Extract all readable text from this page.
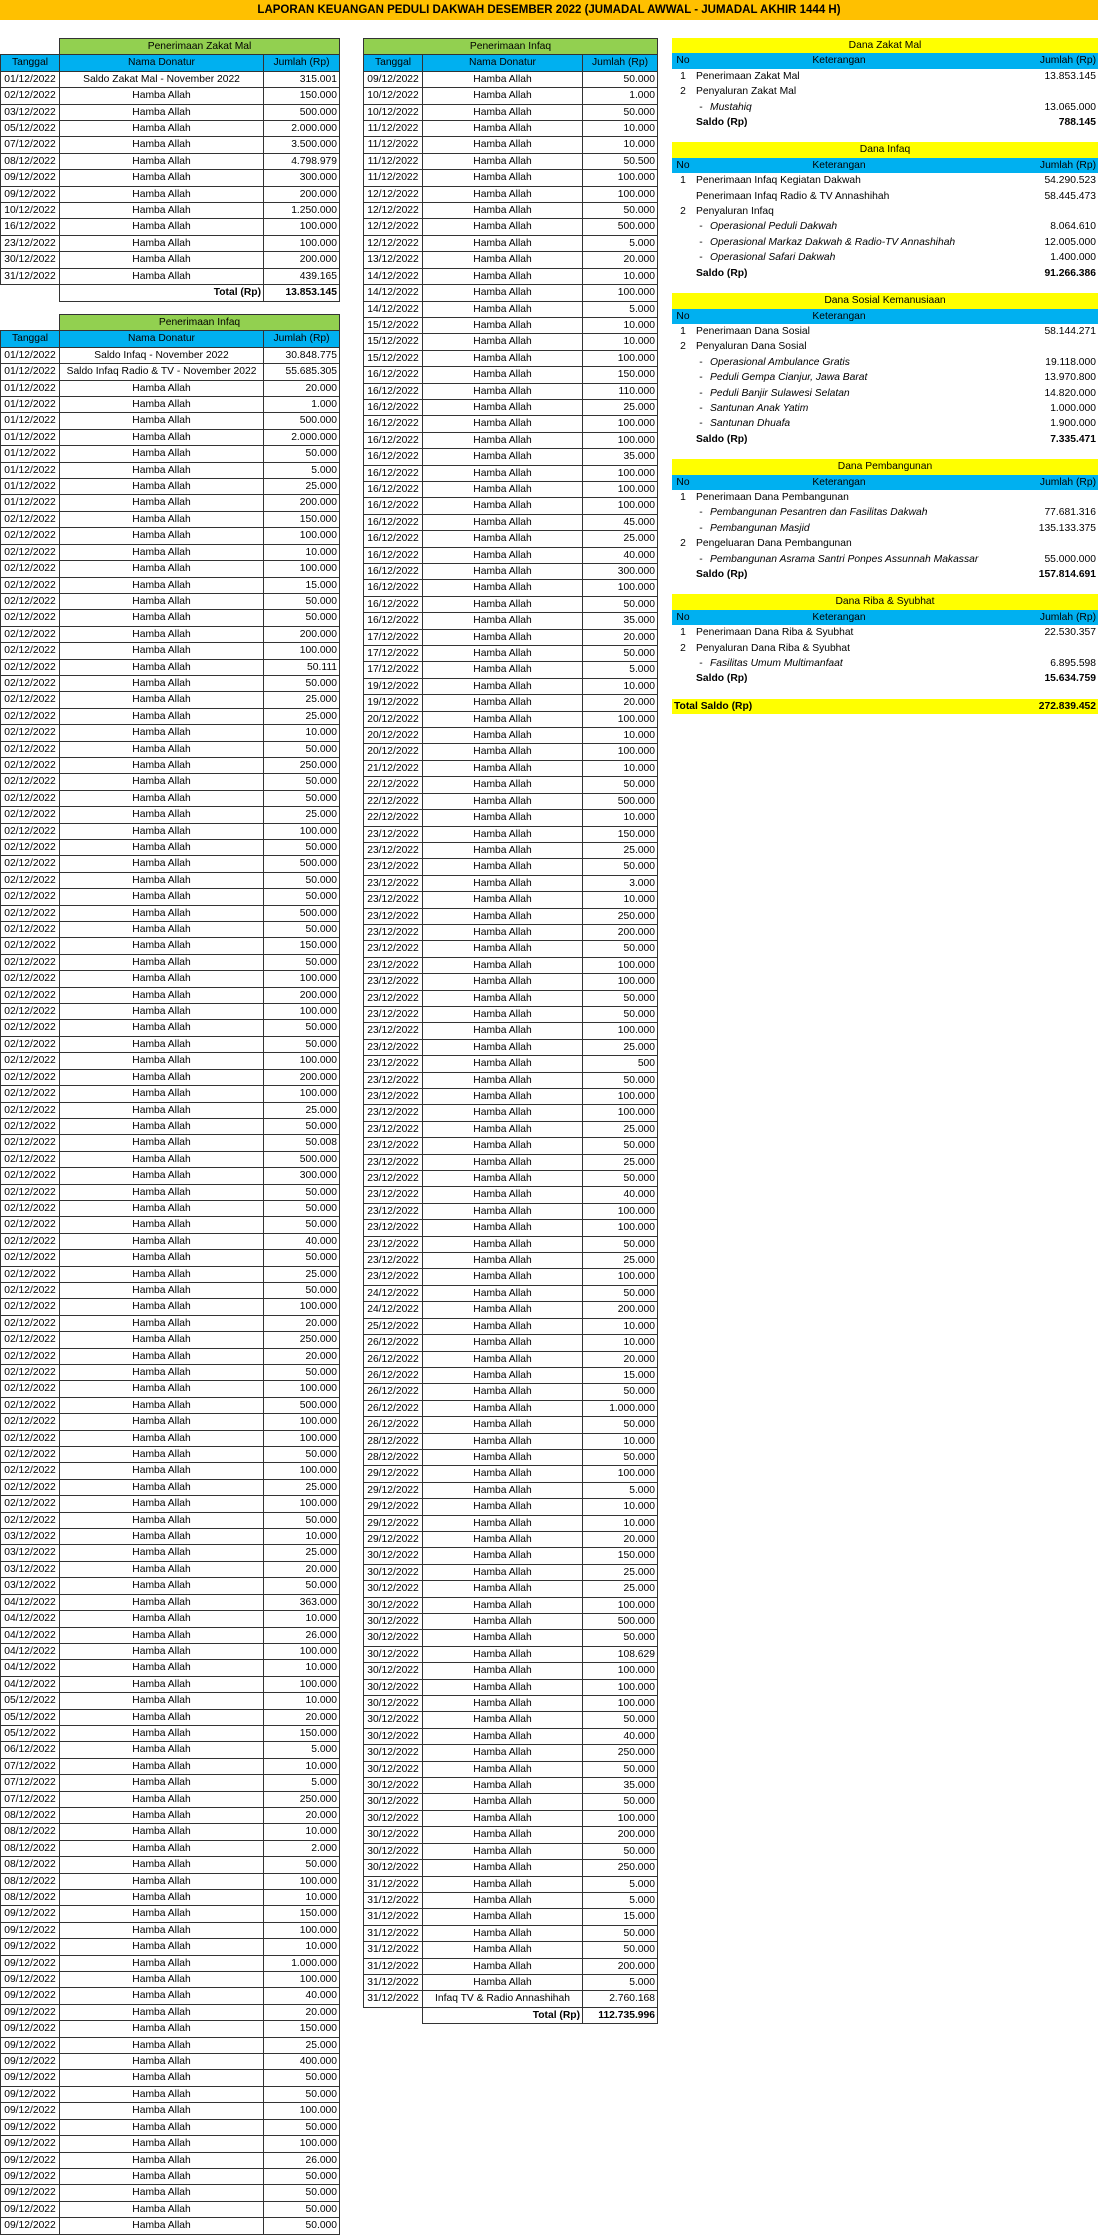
LAPORAN KEUANGAN PEDULI DAKWAH DESEMBER 2022 (JUMADAL AWWAL - JUMADAL AKHIR 1444 H)
	Penerimaan Zakat Mal	
Tanggal	Nama Donatur	Jumlah (Rp)
01/12/2022	Saldo Zakat Mal - November 2022	315.001
02/12/2022	Hamba Allah	150.000
03/12/2022	Hamba Allah	500.000
05/12/2022	Hamba Allah	2.000.000
07/12/2022	Hamba Allah	3.500.000
08/12/2022	Hamba Allah	4.798.979
09/12/2022	Hamba Allah	300.000
09/12/2022	Hamba Allah	200.000
10/12/2022	Hamba Allah	1.250.000
16/12/2022	Hamba Allah	100.000
23/12/2022	Hamba Allah	100.000
30/12/2022	Hamba Allah	200.000
31/12/2022	Hamba Allah	439.165
	Total (Rp)	13.853.145
	Penerimaan Infaq	
Tanggal	Nama Donatur	Jumlah (Rp)
01/12/2022	Saldo Infaq - November 2022	30.848.775
01/12/2022	Saldo Infaq Radio & TV - November 2022	55.685.305
01/12/2022	Hamba Allah	20.000
01/12/2022	Hamba Allah	1.000
01/12/2022	Hamba Allah	500.000
01/12/2022	Hamba Allah	2.000.000
01/12/2022	Hamba Allah	50.000
01/12/2022	Hamba Allah	5.000
01/12/2022	Hamba Allah	25.000
01/12/2022	Hamba Allah	200.000
02/12/2022	Hamba Allah	150.000
02/12/2022	Hamba Allah	100.000
02/12/2022	Hamba Allah	10.000
02/12/2022	Hamba Allah	100.000
02/12/2022	Hamba Allah	15.000
02/12/2022	Hamba Allah	50.000
02/12/2022	Hamba Allah	50.000
02/12/2022	Hamba Allah	200.000
02/12/2022	Hamba Allah	100.000
02/12/2022	Hamba Allah	50.111
02/12/2022	Hamba Allah	50.000
02/12/2022	Hamba Allah	25.000
02/12/2022	Hamba Allah	25.000
02/12/2022	Hamba Allah	10.000
02/12/2022	Hamba Allah	50.000
02/12/2022	Hamba Allah	250.000
02/12/2022	Hamba Allah	50.000
02/12/2022	Hamba Allah	50.000
02/12/2022	Hamba Allah	25.000
02/12/2022	Hamba Allah	100.000
02/12/2022	Hamba Allah	50.000
02/12/2022	Hamba Allah	500.000
02/12/2022	Hamba Allah	50.000
02/12/2022	Hamba Allah	50.000
02/12/2022	Hamba Allah	500.000
02/12/2022	Hamba Allah	50.000
02/12/2022	Hamba Allah	150.000
02/12/2022	Hamba Allah	50.000
02/12/2022	Hamba Allah	100.000
02/12/2022	Hamba Allah	200.000
02/12/2022	Hamba Allah	100.000
02/12/2022	Hamba Allah	50.000
02/12/2022	Hamba Allah	50.000
02/12/2022	Hamba Allah	100.000
02/12/2022	Hamba Allah	200.000
02/12/2022	Hamba Allah	100.000
02/12/2022	Hamba Allah	25.000
02/12/2022	Hamba Allah	50.000
02/12/2022	Hamba Allah	50.008
02/12/2022	Hamba Allah	500.000
02/12/2022	Hamba Allah	300.000
02/12/2022	Hamba Allah	50.000
02/12/2022	Hamba Allah	50.000
02/12/2022	Hamba Allah	50.000
02/12/2022	Hamba Allah	40.000
02/12/2022	Hamba Allah	50.000
02/12/2022	Hamba Allah	25.000
02/12/2022	Hamba Allah	50.000
02/12/2022	Hamba Allah	100.000
02/12/2022	Hamba Allah	20.000
02/12/2022	Hamba Allah	250.000
02/12/2022	Hamba Allah	20.000
02/12/2022	Hamba Allah	50.000
02/12/2022	Hamba Allah	100.000
02/12/2022	Hamba Allah	500.000
02/12/2022	Hamba Allah	100.000
02/12/2022	Hamba Allah	100.000
02/12/2022	Hamba Allah	50.000
02/12/2022	Hamba Allah	100.000
02/12/2022	Hamba Allah	25.000
02/12/2022	Hamba Allah	100.000
02/12/2022	Hamba Allah	50.000
03/12/2022	Hamba Allah	10.000
03/12/2022	Hamba Allah	25.000
03/12/2022	Hamba Allah	20.000
03/12/2022	Hamba Allah	50.000
04/12/2022	Hamba Allah	363.000
04/12/2022	Hamba Allah	10.000
04/12/2022	Hamba Allah	26.000
04/12/2022	Hamba Allah	100.000
04/12/2022	Hamba Allah	10.000
04/12/2022	Hamba Allah	100.000
05/12/2022	Hamba Allah	10.000
05/12/2022	Hamba Allah	20.000
05/12/2022	Hamba Allah	150.000
06/12/2022	Hamba Allah	5.000
07/12/2022	Hamba Allah	10.000
07/12/2022	Hamba Allah	5.000
07/12/2022	Hamba Allah	250.000
08/12/2022	Hamba Allah	20.000
08/12/2022	Hamba Allah	10.000
08/12/2022	Hamba Allah	2.000
08/12/2022	Hamba Allah	50.000
08/12/2022	Hamba Allah	100.000
08/12/2022	Hamba Allah	10.000
09/12/2022	Hamba Allah	150.000
09/12/2022	Hamba Allah	100.000
09/12/2022	Hamba Allah	10.000
09/12/2022	Hamba Allah	1.000.000
09/12/2022	Hamba Allah	100.000
09/12/2022	Hamba Allah	40.000
09/12/2022	Hamba Allah	20.000
09/12/2022	Hamba Allah	150.000
09/12/2022	Hamba Allah	25.000
09/12/2022	Hamba Allah	400.000
09/12/2022	Hamba Allah	50.000
09/12/2022	Hamba Allah	50.000
09/12/2022	Hamba Allah	100.000
09/12/2022	Hamba Allah	50.000
09/12/2022	Hamba Allah	100.000
09/12/2022	Hamba Allah	26.000
09/12/2022	Hamba Allah	50.000
09/12/2022	Hamba Allah	50.000
09/12/2022	Hamba Allah	50.000
09/12/2022	Hamba Allah	50.000
Penerimaan Infaq		
Tanggal	Nama Donatur	Jumlah (Rp)
09/12/2022	Hamba Allah	50.000
10/12/2022	Hamba Allah	1.000
10/12/2022	Hamba Allah	50.000
11/12/2022	Hamba Allah	10.000
11/12/2022	Hamba Allah	10.000
11/12/2022	Hamba Allah	50.500
11/12/2022	Hamba Allah	100.000
12/12/2022	Hamba Allah	100.000
12/12/2022	Hamba Allah	50.000
12/12/2022	Hamba Allah	500.000
12/12/2022	Hamba Allah	5.000
13/12/2022	Hamba Allah	20.000
14/12/2022	Hamba Allah	10.000
14/12/2022	Hamba Allah	100.000
14/12/2022	Hamba Allah	5.000
15/12/2022	Hamba Allah	10.000
15/12/2022	Hamba Allah	10.000
15/12/2022	Hamba Allah	100.000
16/12/2022	Hamba Allah	150.000
16/12/2022	Hamba Allah	110.000
16/12/2022	Hamba Allah	25.000
16/12/2022	Hamba Allah	100.000
16/12/2022	Hamba Allah	100.000
16/12/2022	Hamba Allah	35.000
16/12/2022	Hamba Allah	100.000
16/12/2022	Hamba Allah	100.000
16/12/2022	Hamba Allah	100.000
16/12/2022	Hamba Allah	45.000
16/12/2022	Hamba Allah	25.000
16/12/2022	Hamba Allah	40.000
16/12/2022	Hamba Allah	300.000
16/12/2022	Hamba Allah	100.000
16/12/2022	Hamba Allah	50.000
16/12/2022	Hamba Allah	35.000
17/12/2022	Hamba Allah	20.000
17/12/2022	Hamba Allah	50.000
17/12/2022	Hamba Allah	5.000
19/12/2022	Hamba Allah	10.000
19/12/2022	Hamba Allah	20.000
20/12/2022	Hamba Allah	100.000
20/12/2022	Hamba Allah	10.000
20/12/2022	Hamba Allah	100.000
21/12/2022	Hamba Allah	10.000
22/12/2022	Hamba Allah	50.000
22/12/2022	Hamba Allah	500.000
22/12/2022	Hamba Allah	10.000
23/12/2022	Hamba Allah	150.000
23/12/2022	Hamba Allah	25.000
23/12/2022	Hamba Allah	50.000
23/12/2022	Hamba Allah	3.000
23/12/2022	Hamba Allah	10.000
23/12/2022	Hamba Allah	250.000
23/12/2022	Hamba Allah	200.000
23/12/2022	Hamba Allah	50.000
23/12/2022	Hamba Allah	100.000
23/12/2022	Hamba Allah	100.000
23/12/2022	Hamba Allah	50.000
23/12/2022	Hamba Allah	50.000
23/12/2022	Hamba Allah	100.000
23/12/2022	Hamba Allah	25.000
23/12/2022	Hamba Allah	500
23/12/2022	Hamba Allah	50.000
23/12/2022	Hamba Allah	100.000
23/12/2022	Hamba Allah	100.000
23/12/2022	Hamba Allah	25.000
23/12/2022	Hamba Allah	50.000
23/12/2022	Hamba Allah	25.000
23/12/2022	Hamba Allah	50.000
23/12/2022	Hamba Allah	40.000
23/12/2022	Hamba Allah	100.000
23/12/2022	Hamba Allah	100.000
23/12/2022	Hamba Allah	50.000
23/12/2022	Hamba Allah	25.000
23/12/2022	Hamba Allah	100.000
24/12/2022	Hamba Allah	50.000
24/12/2022	Hamba Allah	200.000
25/12/2022	Hamba Allah	10.000
26/12/2022	Hamba Allah	10.000
26/12/2022	Hamba Allah	20.000
26/12/2022	Hamba Allah	15.000
26/12/2022	Hamba Allah	50.000
26/12/2022	Hamba Allah	1.000.000
26/12/2022	Hamba Allah	50.000
28/12/2022	Hamba Allah	10.000
28/12/2022	Hamba Allah	50.000
29/12/2022	Hamba Allah	100.000
29/12/2022	Hamba Allah	5.000
29/12/2022	Hamba Allah	10.000
29/12/2022	Hamba Allah	10.000
29/12/2022	Hamba Allah	20.000
30/12/2022	Hamba Allah	150.000
30/12/2022	Hamba Allah	25.000
30/12/2022	Hamba Allah	25.000
30/12/2022	Hamba Allah	100.000
30/12/2022	Hamba Allah	500.000
30/12/2022	Hamba Allah	50.000
30/12/2022	Hamba Allah	108.629
30/12/2022	Hamba Allah	100.000
30/12/2022	Hamba Allah	100.000
30/12/2022	Hamba Allah	100.000
30/12/2022	Hamba Allah	50.000
30/12/2022	Hamba Allah	40.000
30/12/2022	Hamba Allah	250.000
30/12/2022	Hamba Allah	50.000
30/12/2022	Hamba Allah	35.000
30/12/2022	Hamba Allah	50.000
30/12/2022	Hamba Allah	100.000
30/12/2022	Hamba Allah	200.000
30/12/2022	Hamba Allah	50.000
30/12/2022	Hamba Allah	250.000
31/12/2022	Hamba Allah	5.000
31/12/2022	Hamba Allah	5.000
31/12/2022	Hamba Allah	15.000
31/12/2022	Hamba Allah	50.000
31/12/2022	Hamba Allah	50.000
31/12/2022	Hamba Allah	200.000
31/12/2022	Hamba Allah	5.000
31/12/2022	Infaq TV & Radio Annashihah	2.760.168
	Total (Rp)	112.735.996
Dana Zakat Mal			
No	Keterangan		Jumlah (Rp)
1	Penerimaan Zakat Mal		13.853.145
2	Penyaluran Zakat Mal		
	-	Mustahiq	13.065.000
	Saldo (Rp)		788.145

Dana Infaq			
No	Keterangan		Jumlah (Rp)
1	Penerimaan Infaq Kegiatan Dakwah		54.290.523
	Penerimaan Infaq Radio & TV Annashihah		58.445.473
2	Penyaluran Infaq		
	-	Operasional Peduli Dakwah	8.064.610
	-	Operasional Markaz Dakwah & Radio-TV Annashihah	12.005.000
	-	Operasional Safari Dakwah	1.400.000
	Saldo (Rp)		91.266.386

Dana Sosial Kemanusiaan			
No	Keterangan		
1	Penerimaan Dana Sosial		58.144.271
2	Penyaluran Dana Sosial		
	-	Operasional Ambulance Gratis	19.118.000
	-	Peduli Gempa Cianjur, Jawa Barat	13.970.800
	-	Peduli Banjir Sulawesi Selatan	14.820.000
	-	Santunan Anak Yatim	1.000.000
	-	Santunan Dhuafa	1.900.000
	Saldo (Rp)		7.335.471

Dana Pembangunan			
No	Keterangan		Jumlah (Rp)
1	Penerimaan Dana Pembangunan		
	-	Pembangunan Pesantren dan Fasilitas Dakwah	77.681.316
	-	Pembangunan Masjid	135.133.375
2	Pengeluaran Dana Pembangunan		
	-	Pembangunan Asrama Santri Ponpes Assunnah Makassar	55.000.000
	Saldo (Rp)		157.814.691

Dana Riba & Syubhat			
No	Keterangan		Jumlah (Rp)
1	Penerimaan Dana Riba & Syubhat		22.530.357
2	Penyaluran Dana Riba & Syubhat		
	-	Fasilitas Umum Multimanfaat	6.895.598
	Saldo (Rp)		15.634.759

Total Saldo (Rp)			272.839.452
